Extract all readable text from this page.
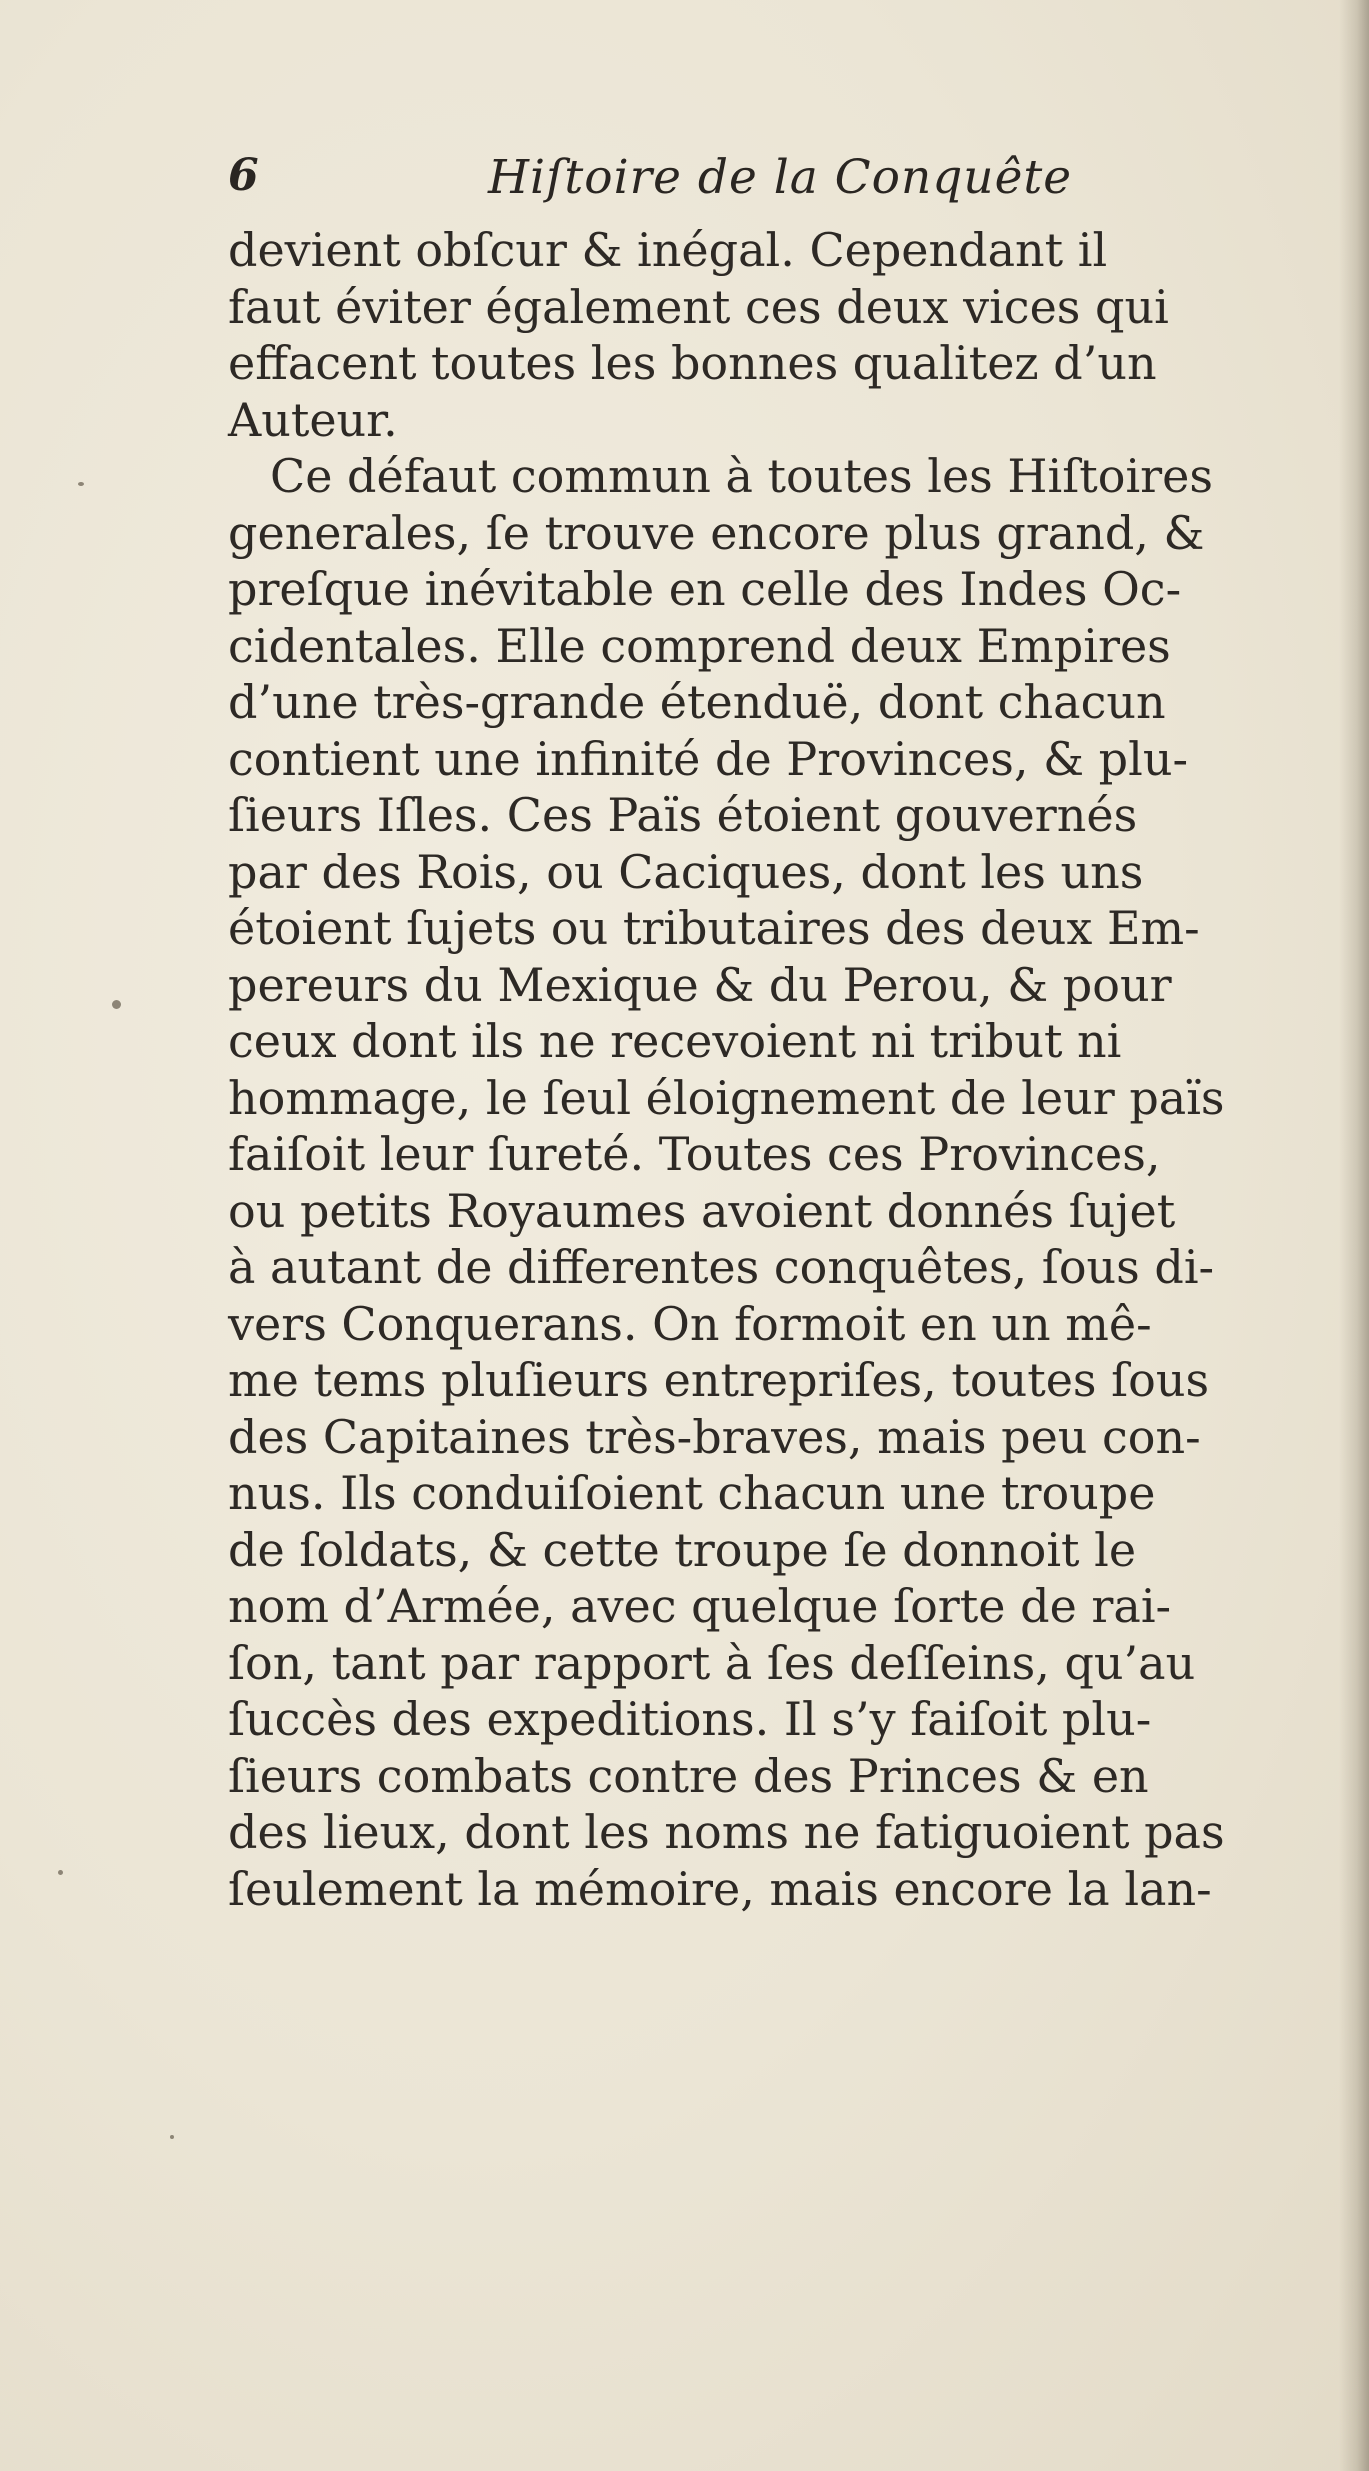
6	Hiſtoire de la Conquête
devient obſcur & inégal. Cependant il
faut éviter également ces deux vices qui
effacent toutes les bonnes qualitez d’un
Auteur.
Ce défaut commun à toutes les Hiſtoires
generales, ſe trouve encore plus grand, &
preſque inévitable en celle des Indes Oc-
cidentales. Elle comprend deux Empires
d’une très-grande étenduë, dont chacun
contient une infinité de Provinces, & plu-
ſieurs Iſles. Ces Païs étoient gouvernés
par des Rois, ou Caciques, dont les uns
étoient ſujets ou tributaires des deux Em-
pereurs du Mexique & du Perou, & pour
ceux dont ils ne recevoient ni tribut ni
hommage, le ſeul éloignement de leur païs
faiſoit leur ſureté. Toutes ces Provinces,
ou petits Royaumes avoient donnés ſujet
à autant de differentes conquêtes, ſous di-
vers Conquerans. On formoit en un mê-
me tems pluſieurs entrepriſes, toutes ſous
des Capitaines très-braves, mais peu con-
nus. Ils conduiſoient chacun une troupe
de ſoldats, & cette troupe ſe donnoit le
nom d’Armée, avec quelque ſorte de rai-
ſon, tant par rapport à ſes deſſeins, qu’au
ſuccès des expeditions. Il s’y faiſoit plu-
ſieurs combats contre des Princes & en
des lieux, dont les noms ne fatiguoient pas
ſeulement la mémoire, mais encore la lan-
